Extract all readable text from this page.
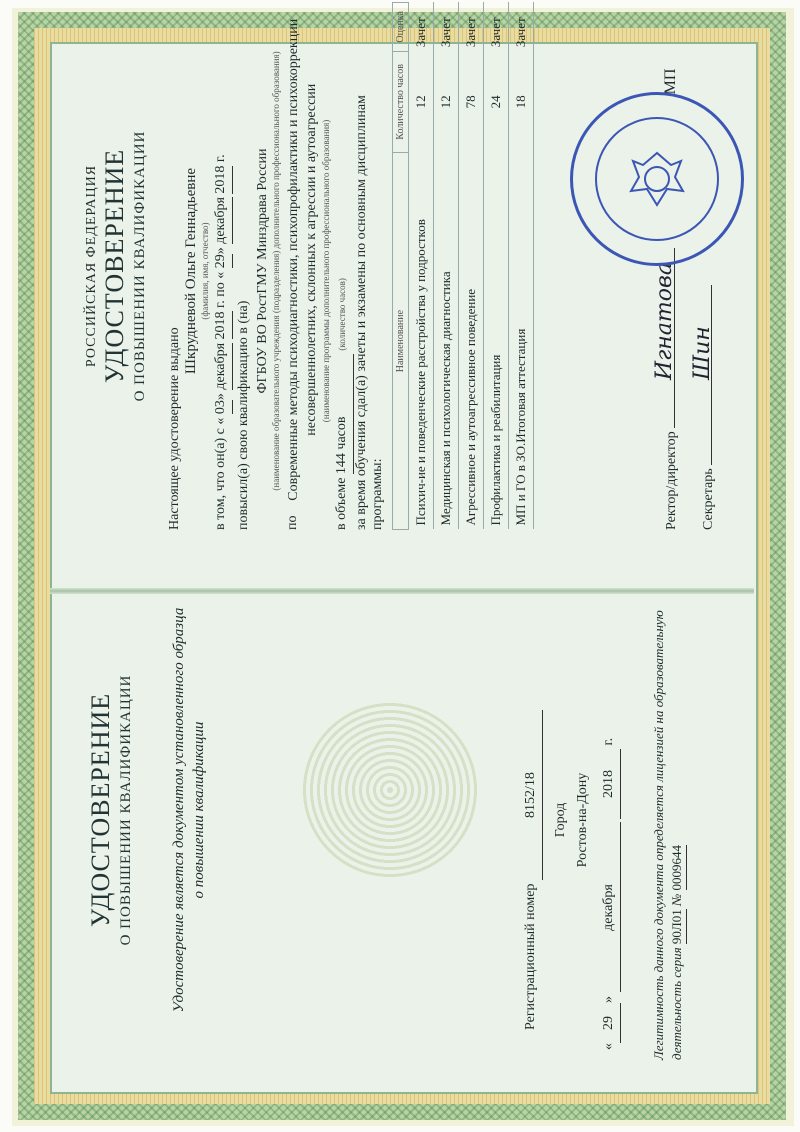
УДОСТОВЕРЕНИЕ О ПОВЫШЕНИИ КВАЛИФИКАЦИИ Удостоверение является документом установленного образца о повышении квалификации
Регистрационный номер 8152/18
Город Ростов-на-Дону
«29» декабря 2018 г.	Легитимность данного документа определяется лицензией на образовательную деятельность серия 90Л01 № 0009644
РОССИЙСКАЯ ФЕДЕРАЦИЯ УДОСТОВЕРЕНИЕ О ПОВЫШЕНИИ КВАЛИФИКАЦИИ

Настоящее удостоверение выдано
Шкрудневой Ольге Геннадьевне (фамилия, имя, отчество)
в том, что он(а) с « 03» декабря 2018 г. по « 29» декабря 2018 г.
повысил(а) свою квалификацию в (на)
ФГБОУ ВО РостГМУ Минздрава России (наименование образовательного учреждения (подразделения) дополнительного профессионального образования)
по
Современные методы психодиагностики, психопрофилактики и психокоррекции несовершеннолетних, склонных к агрессии и аутоагрессии (наименование программы дополнительного профессионального образования)
в объеме 144 часов (количество часов) за время обучения сдал(а) зачеты и экзамены по основным дисциплинам программы:
Наименование	Количество часов	Оценка
Психич-ие и поведенческие расстройства у подростков	12	Зачет
Медицинская и психологическая диагностика	12	Зачет
Агрессивное и аутоагрессивное поведение	78	Зачет
Профилактика и реабилитация	24	Зачет
МП и ГО в ЗО.Итоговая аттестация	18	Зачет
Ректор/директор
Игнатова
МП
Секретарь
Шин
